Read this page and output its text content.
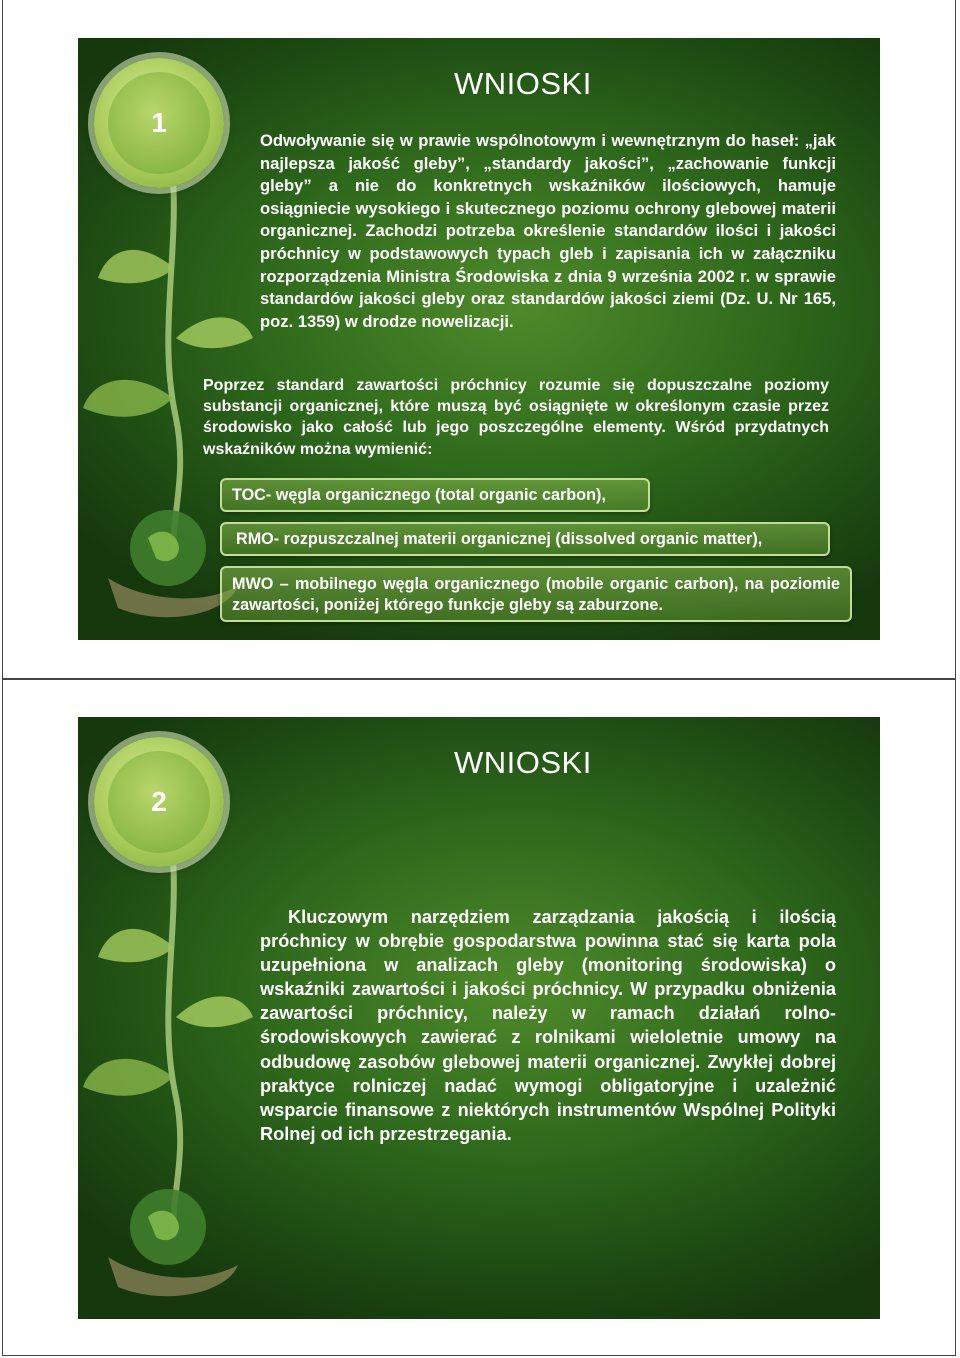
1
WNIOSKI
Odwoływanie się w prawie wspólnotowym i wewnętrznym do haseł: „jak najlepsza jakość gleby”, „standardy jakości”, „zachowanie funkcji gleby” a nie do konkretnych wskaźników ilościowych, hamuje osiągniecie wysokiego i skutecznego poziomu ochrony glebowej materii organicznej. Zachodzi potrzeba określenie standardów ilości i jakości próchnicy w podstawowych typach gleb i zapisania ich w załączniku rozporządzenia Ministra Środowiska z dnia 9 września 2002 r. w sprawie standardów jakości gleby oraz standardów jakości ziemi (Dz. U. Nr 165, poz. 1359) w drodze nowelizacji.
Poprzez standard zawartości próchnicy rozumie się dopuszczalne poziomy substancji organicznej, które muszą być osiągnięte w określonym czasie przez środowisko jako całość lub jego poszczególne elementy. Wśród przydatnych wskaźników można wymienić:
TOC- węgla organicznego (total organic carbon),
RMO- rozpuszczalnej materii organicznej (dissolved organic matter),
MWO – mobilnego węgla organicznego (mobile organic carbon), na poziomie zawartości, poniżej którego funkcje gleby są zaburzone.
2
WNIOSKI
Kluczowym narzędziem zarządzania jakością i ilością próchnicy w obrębie gospodarstwa powinna stać się karta pola uzupełniona w analizach gleby (monitoring środowiska) o wskaźniki zawartości i jakości próchnicy. W przypadku obniżenia zawartości próchnicy, należy w ramach działań rolno-środowiskowych zawierać z rolnikami wieloletnie umowy na odbudowę zasobów glebowej materii organicznej. Zwykłej dobrej praktyce rolniczej nadać wymogi obligatoryjne i uzależnić wsparcie finansowe z niektórych instrumentów Wspólnej Polityki Rolnej od ich przestrzegania.
